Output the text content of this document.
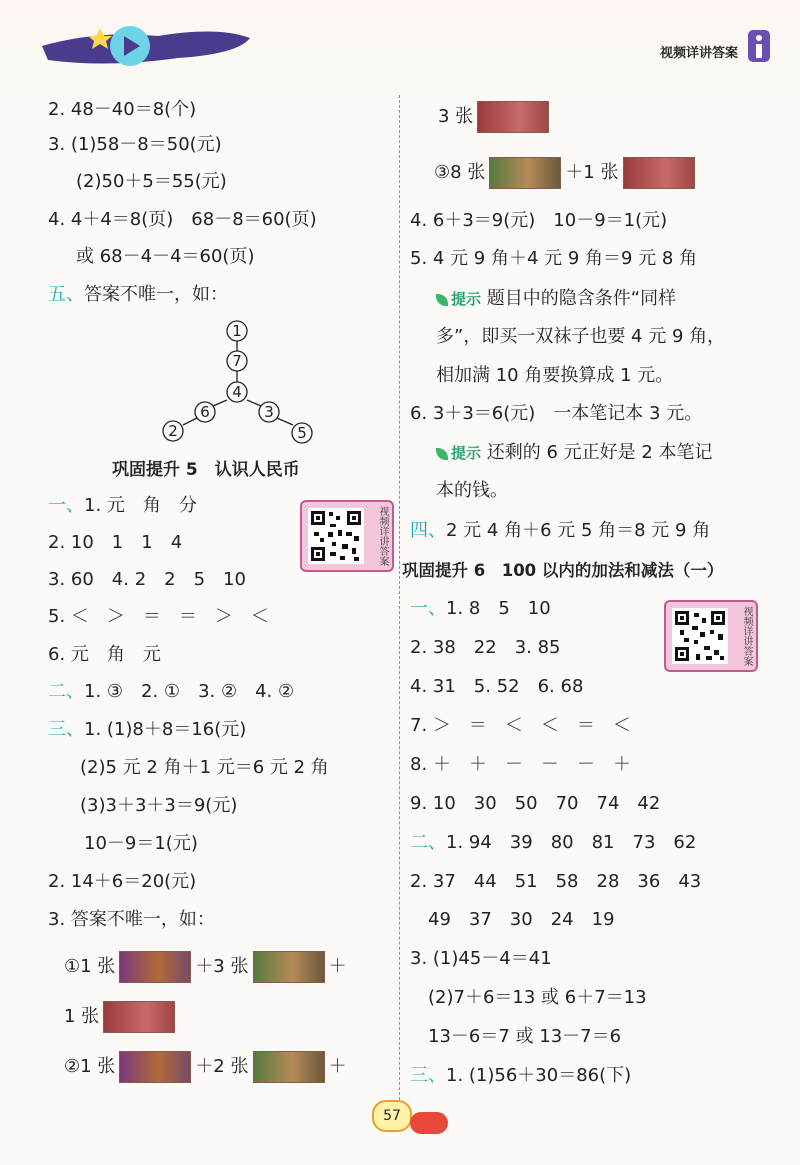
视频详讲答案
2. 48－40＝8(个)
3. (1)58－8＝50(元)
(2)50＋5＝55(元)
4. 4＋4＝8(页)　68－8＝60(页)
或 68－4－4＝60(页)
五、答案不唯一，如：
1
7
4
6	3
2	5
巩固提升 5　认识人民币
视频详讲答案
一、1. 元　角　分
2. 10　1　1　4
3. 60　4. 2　2　5　10
5. ＜　＞　＝　＝　＞　＜
6. 元　角　元
二、1. ③　2. ①　3. ②　4. ②
三、1. (1)8＋8＝16(元)
(2)5 元 2 角＋1 元＝6 元 2 角
(3)3＋3＋3＝9(元)
10－9＝1(元)
2. 14＋6＝20(元)
3. 答案不唯一，如：
①1 张	＋3 张	＋
1 张
②1 张	＋2 张	＋
3 张
③8 张	＋1 张
4. 6＋3＝9(元)　10－9＝1(元)
5. 4 元 9 角＋4 元 9 角＝9 元 8 角
提示 题目中的隐含条件“同样
多”，即买一双袜子也要 4 元 9 角，
相加满 10 角要换算成 1 元。
6. 3＋3＝6(元)　一本笔记本 3 元。
提示 还剩的 6 元正好是 2 本笔记
本的钱。
四、2 元 4 角＋6 元 5 角＝8 元 9 角
巩固提升 6　100 以内的加法和减法（一）
视频详讲答案
一、1. 8　5　10
2. 38　22　3. 85
4. 31　5. 52　6. 68
7. ＞　＝　＜　＜　＝　＜
8. ＋　＋　－　－　－　＋
9. 10　30　50　70　74　42
二、1. 94　39　80　81　73　62
2. 37　44　51　58　28　36　43
49　37　30　24　19
3. (1)45－4＝41
(2)7＋6＝13 或 6＋7＝13
13－6＝7 或 13－7＝6
三、1. (1)56＋30＝86(下)
57
